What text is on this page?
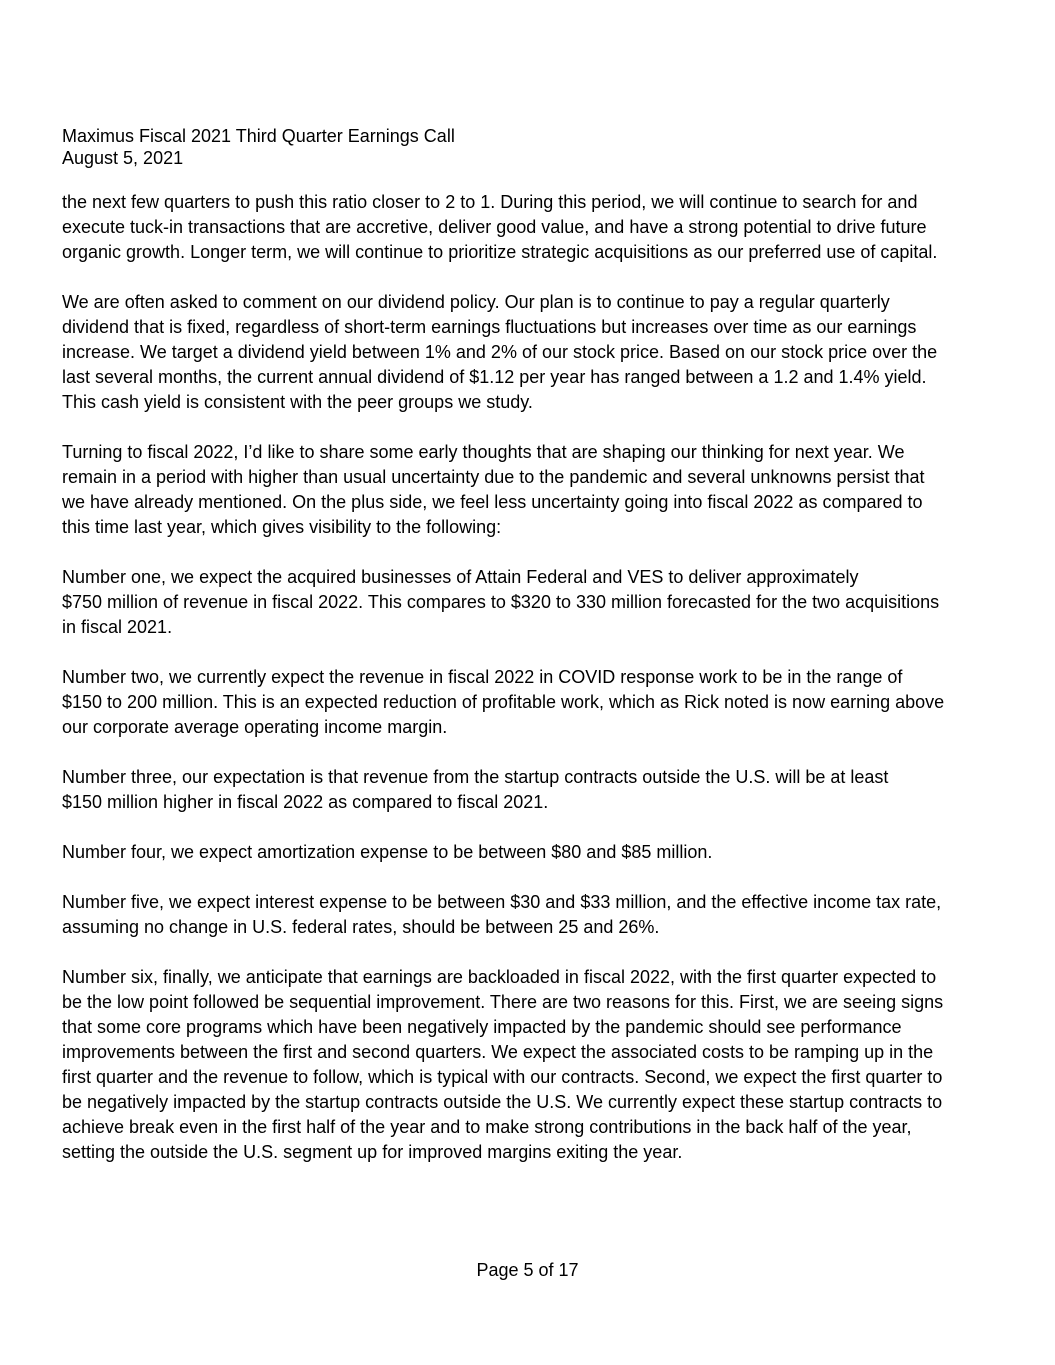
Maximus Fiscal 2021 Third Quarter Earnings Call
August 5, 2021
the next few quarters to push this ratio closer to 2 to 1. During this period, we will continue to search for and
execute tuck-in transactions that are accretive, deliver good value, and have a strong potential to drive future
organic growth. Longer term, we will continue to prioritize strategic acquisitions as our preferred use of capital.
We are often asked to comment on our dividend policy. Our plan is to continue to pay a regular quarterly
dividend that is fixed, regardless of short-term earnings fluctuations but increases over time as our earnings
increase. We target a dividend yield between 1% and 2% of our stock price. Based on our stock price over the
last several months, the current annual dividend of $1.12 per year has ranged between a 1.2 and 1.4% yield.
This cash yield is consistent with the peer groups we study.
Turning to fiscal 2022, I’d like to share some early thoughts that are shaping our thinking for next year. We
remain in a period with higher than usual uncertainty due to the pandemic and several unknowns persist that
we have already mentioned. On the plus side, we feel less uncertainty going into fiscal 2022 as compared to
this time last year, which gives visibility to the following:
Number one, we expect the acquired businesses of Attain Federal and VES to deliver approximately
$750 million of revenue in fiscal 2022. This compares to $320 to 330 million forecasted for the two acquisitions
in fiscal 2021.
Number two, we currently expect the revenue in fiscal 2022 in COVID response work to be in the range of
$150 to 200 million. This is an expected reduction of profitable work, which as Rick noted is now earning above
our corporate average operating income margin.
Number three, our expectation is that revenue from the startup contracts outside the U.S. will be at least
$150 million higher in fiscal 2022 as compared to fiscal 2021.
Number four, we expect amortization expense to be between $80 and $85 million.
Number five, we expect interest expense to be between $30 and $33 million, and the effective income tax rate,
assuming no change in U.S. federal rates, should be between 25 and 26%.
Number six, finally, we anticipate that earnings are backloaded in fiscal 2022, with the first quarter expected to
be the low point followed be sequential improvement. There are two reasons for this. First, we are seeing signs
that some core programs which have been negatively impacted by the pandemic should see performance
improvements between the first and second quarters. We expect the associated costs to be ramping up in the
first quarter and the revenue to follow, which is typical with our contracts. Second, we expect the first quarter to
be negatively impacted by the startup contracts outside the U.S. We currently expect these startup contracts to
achieve break even in the first half of the year and to make strong contributions in the back half of the year,
setting the outside the U.S. segment up for improved margins exiting the year.
Page 5 of 17
